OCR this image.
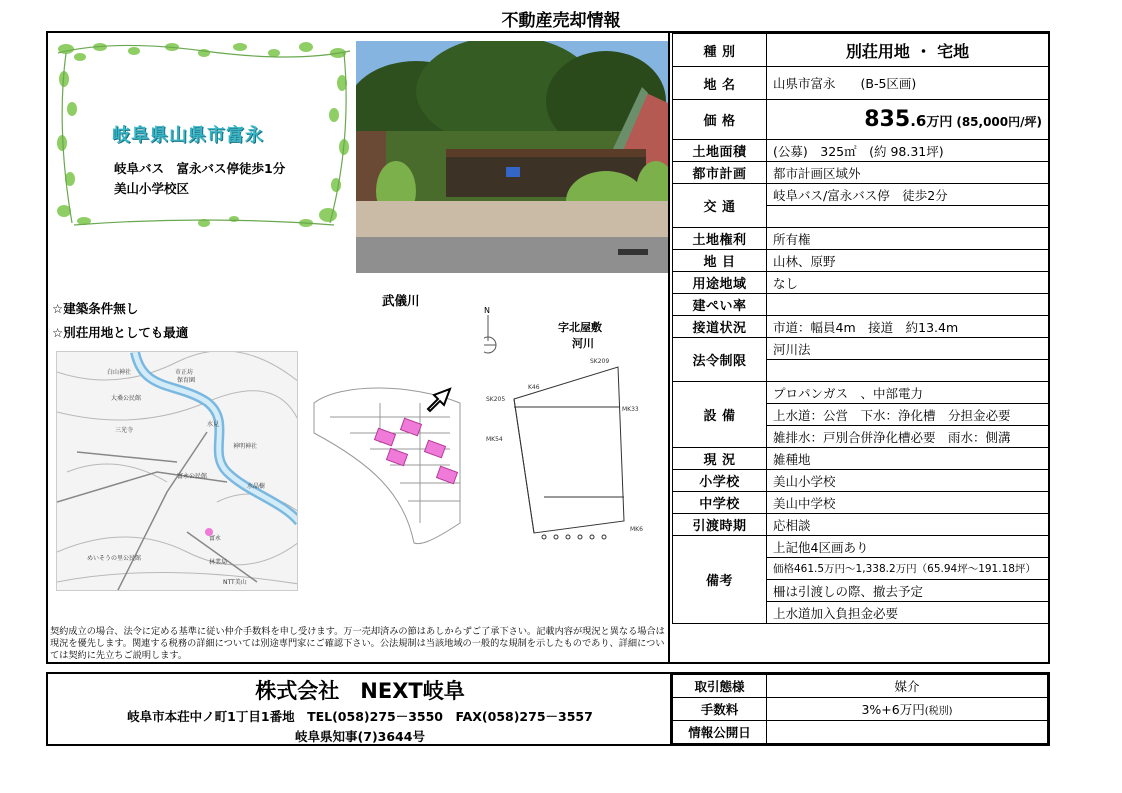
不動産売却情報
岐阜県山県市富永
岐阜バス　富永バス停徒歩1分
美山小学校区
武儀川
☆建築条件無し
☆別荘用地としても最適
白山神社	市正坊
保育園
大桑公民館
三光寺
水見
神明神社
富永公民館
水晶樹
めいそうの里公民館
富永
NTT美山
林業局
N
字北屋敷
河川
SK209
SK205
K46
MK33
MK54
MK6
契約成立の場合、法令に定める基準に従い仲介手数料を申し受けます。万一売却済みの節はあしからずご了承下さい。記載内容が現況と異なる場合は現況を優先します。関連する税務の詳細については別途専門家にご確認下さい。公法規制は当該地域の一般的な規制を示したものであり、詳細については契約に先立ちご説明します。
種 別	別荘用地 ・ 宅地
地 名	山県市富永　　(B-5区画)
価 格	835.6万円 (85,000円/坪)
土地面積	(公募)　325㎡　(約 98.31坪)
都市計画	都市計画区域外
交 通	岐阜バス/富永バス停　徒歩2分

土地権利	所有権
地 目	山林、原野
用途地域	なし
建ぺい率	
接道状況	市道：幅員4m　接道　約13.4m
法令制限	河川法

設 備	プロパンガス　、中部電力
	上水道：公営　下水：浄化槽　分担金必要
	雑排水：戸別合併浄化槽必要　雨水：側溝
現 況	雑種地
小学校	美山小学校
中学校	美山中学校
引渡時期	応相談
備考	上記他4区画あり
	価格461.5万円～1,338.2万円（65.94坪～191.18坪）
	柵は引渡しの際、撤去予定
	上水道加入負担金必要
株式会社　NEXT岐阜
岐阜市本荘中ノ町1丁目1番地　TEL(058)275－3550　FAX(058)275－3557
岐阜県知事(7)3644号
取引態様	媒介
手数料	3%+6万円(税別)
情報公開日	
